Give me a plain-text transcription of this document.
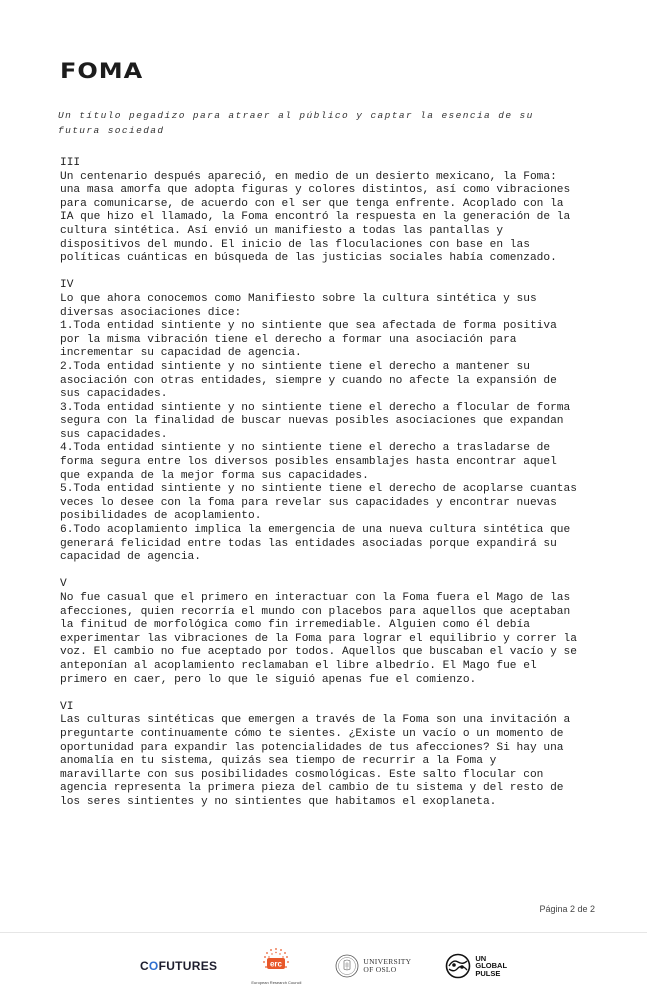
FOMA
Un título pegadizo para atraer al público y captar la esencia de su futura sociedad
III
Un centenario después apareció, en medio de un desierto mexicano, la Foma: una masa amorfa que adopta figuras y colores distintos, así como vibraciones para comunicarse, de acuerdo con el ser que tenga enfrente. Acoplado con la IA que hizo el llamado, la Foma encontró la respuesta en la generación de la cultura sintética. Así envió un manifiesto a todas las pantallas y dispositivos del mundo. El inicio de las floculaciones con base en las políticas cuánticas en búsqueda de las justicias sociales había comenzado.
IV
Lo que ahora conocemos como Manifiesto sobre la cultura sintética y sus diversas asociaciones dice:
1.Toda entidad sintiente y no sintiente que sea afectada de forma positiva por la misma vibración tiene el derecho a formar una asociación para incrementar su capacidad de agencia.
2.Toda entidad sintiente y no sintiente tiene el derecho a mantener su asociación con otras entidades, siempre y cuando no afecte la expansión de sus capacidades.
3.Toda entidad sintiente y no sintiente tiene el derecho a flocular de forma segura con la finalidad de buscar nuevas posibles asociaciones que expandan sus capacidades.
4.Toda entidad sintiente y no sintiente tiene el derecho a trasladarse de forma segura entre los diversos posibles ensamblajes hasta encontrar aquel que expanda de la mejor forma sus capacidades.
5.Toda entidad sintiente y no sintiente tiene el derecho de acoplarse cuantas veces lo desee con la foma para revelar sus capacidades y encontrar nuevas posibilidades de acoplamiento.
6.Todo acoplamiento implica la emergencia de una nueva cultura sintética que generará felicidad entre todas las entidades asociadas porque expandirá su capacidad de agencia.
V
No fue casual que el primero en interactuar con la Foma fuera el Mago de las afecciones, quien recorría el mundo con placebos para aquellos que aceptaban la finitud de morfológica como fin irremediable. Alguien como él debía experimentar las vibraciones de la Foma para lograr el equilibrio y correr la voz. El cambio no fue aceptado por todos. Aquellos que buscaban el vacío y se anteponían al acoplamiento reclamaban el libre albedrío. El Mago fue el primero en caer, pero lo que le siguió apenas fue el comienzo.
VI
Las culturas sintéticas que emergen a través de la Foma son una invitación a preguntarte continuamente cómo te sientes. ¿Existe un vacío o un momento de oportunidad para expandir las potencialidades de tus afecciones? Si hay una anomalía en tu sistema, quizás sea tiempo de recurrir a la Foma y maravillarte con sus posibilidades cosmológicas. Este salto flocular con agencia representa la primera pieza del cambio de tu sistema y del resto de los seres sintientes y no sintientes que habitamos el exoplaneta.
Página 2 de 2
COFUTURES	erc
European Research Council
UNIVERSITY
OF OSLO
UN
GLOBAL
PULSE
